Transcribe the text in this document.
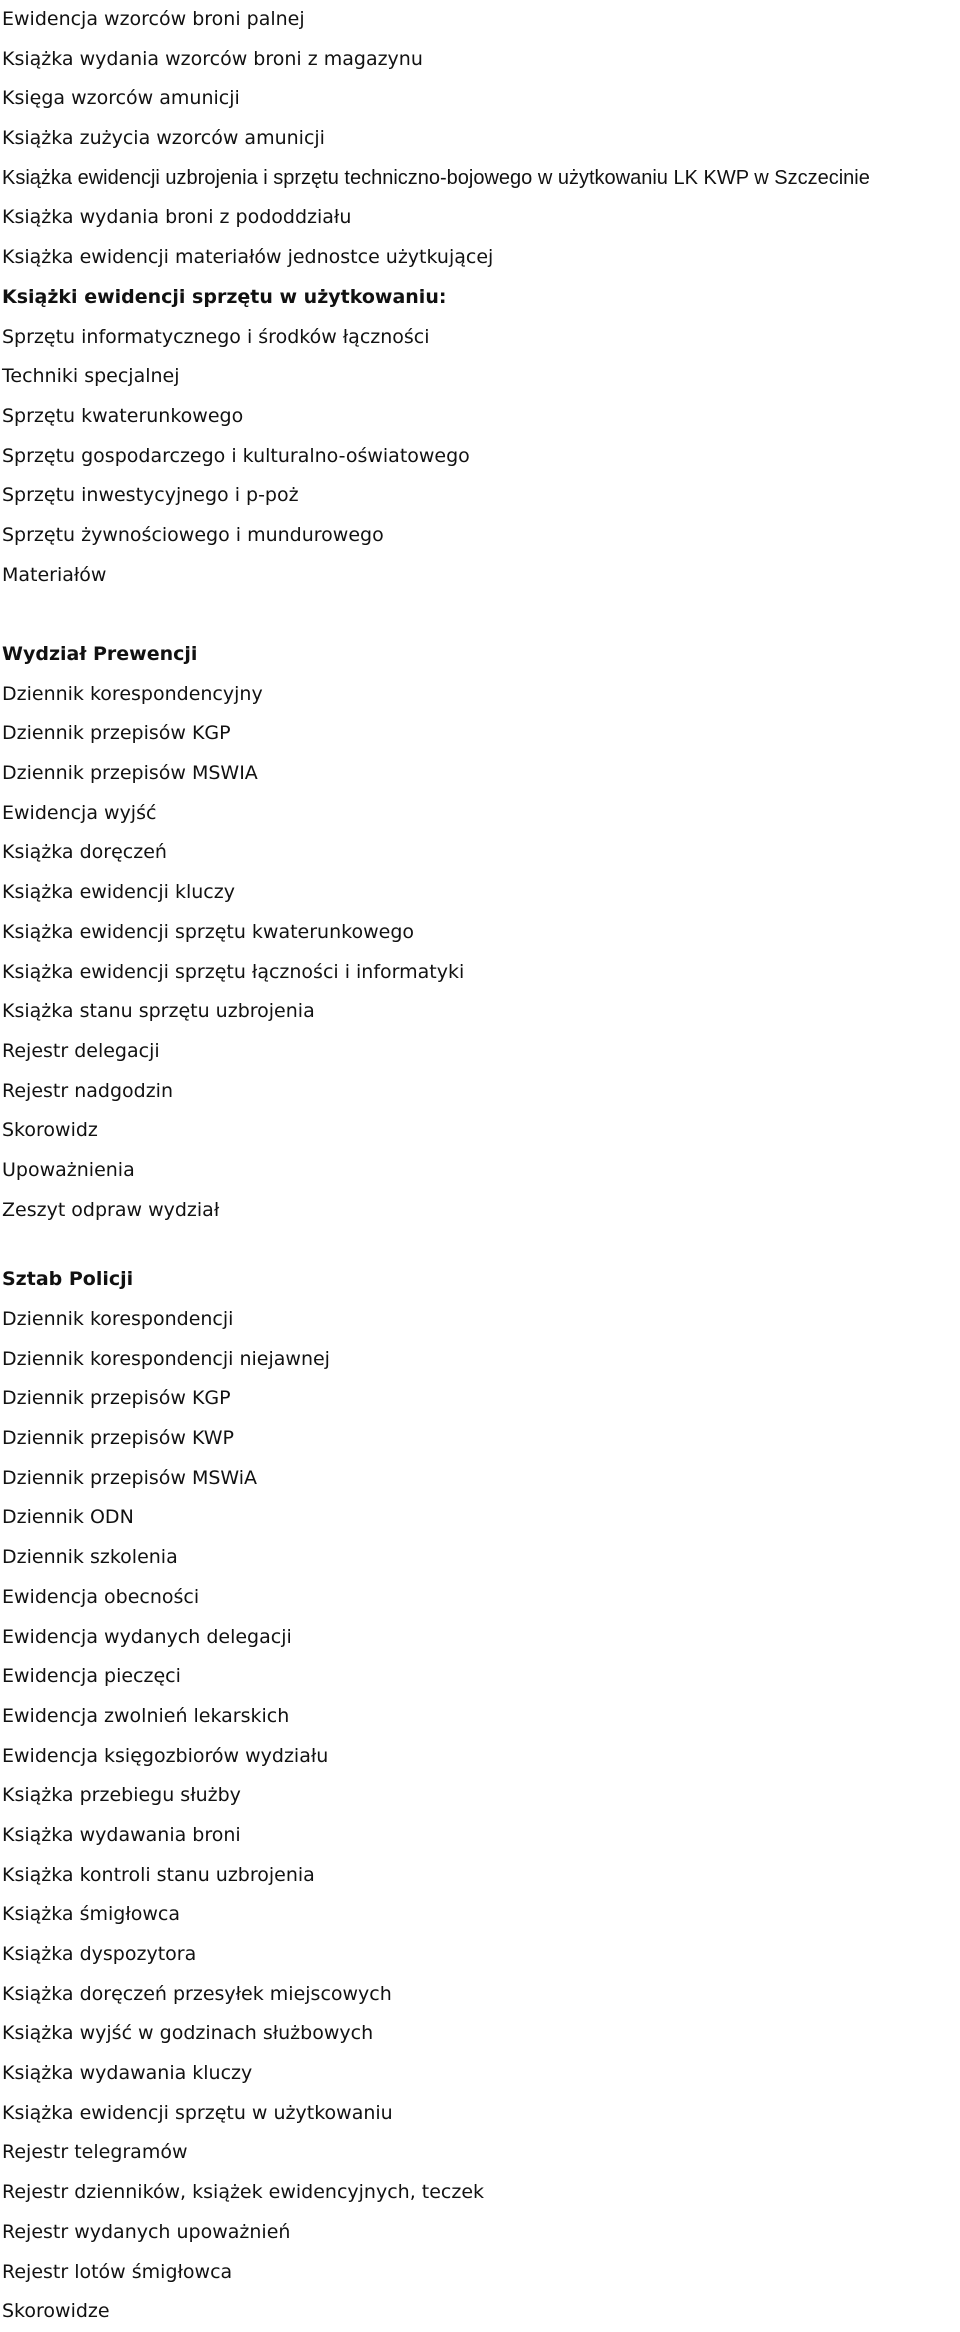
Ewidencja wzorców broni palnej
Książka wydania wzorców broni z magazynu
Księga wzorców amunicji
Książka zużycia wzorców amunicji
Książka ewidencji uzbrojenia i sprzętu techniczno-bojowego w użytkowaniu LK KWP w Szczecinie
Książka wydania broni z pododdziału
Książka ewidencji materiałów jednostce użytkującej
Książki ewidencji sprzętu w użytkowaniu:
Sprzętu informatycznego i środków łączności
Techniki specjalnej
Sprzętu kwaterunkowego
Sprzętu gospodarczego i kulturalno-oświatowego
Sprzętu inwestycyjnego i p-poż
Sprzętu żywnościowego i mundurowego
Materiałów
Wydział Prewencji
Dziennik korespondencyjny
Dziennik przepisów KGP
Dziennik przepisów MSWIA
Ewidencja wyjść
Książka doręczeń
Książka ewidencji kluczy
Książka ewidencji sprzętu kwaterunkowego
Książka ewidencji sprzętu łączności i informatyki
Książka stanu sprzętu uzbrojenia
Rejestr delegacji
Rejestr nadgodzin
Skorowidz
Upoważnienia
Zeszyt odpraw wydział
Sztab Policji
Dziennik korespondencji
Dziennik korespondencji niejawnej
Dziennik przepisów KGP
Dziennik przepisów KWP
Dziennik przepisów MSWiA
Dziennik ODN
Dziennik szkolenia
Ewidencja obecności
Ewidencja wydanych delegacji
Ewidencja pieczęci
Ewidencja zwolnień lekarskich
Ewidencja księgozbiorów wydziału
Książka przebiegu służby
Książka wydawania broni
Książka kontroli stanu uzbrojenia
Książka śmigłowca
Książka dyspozytora
Książka doręczeń przesyłek miejscowych
Książka wyjść w godzinach służbowych
Książka wydawania kluczy
Książka ewidencji sprzętu w użytkowaniu
Rejestr telegramów
Rejestr dzienników, książek ewidencyjnych, teczek
Rejestr wydanych upoważnień
Rejestr lotów śmigłowca
Skorowidze
